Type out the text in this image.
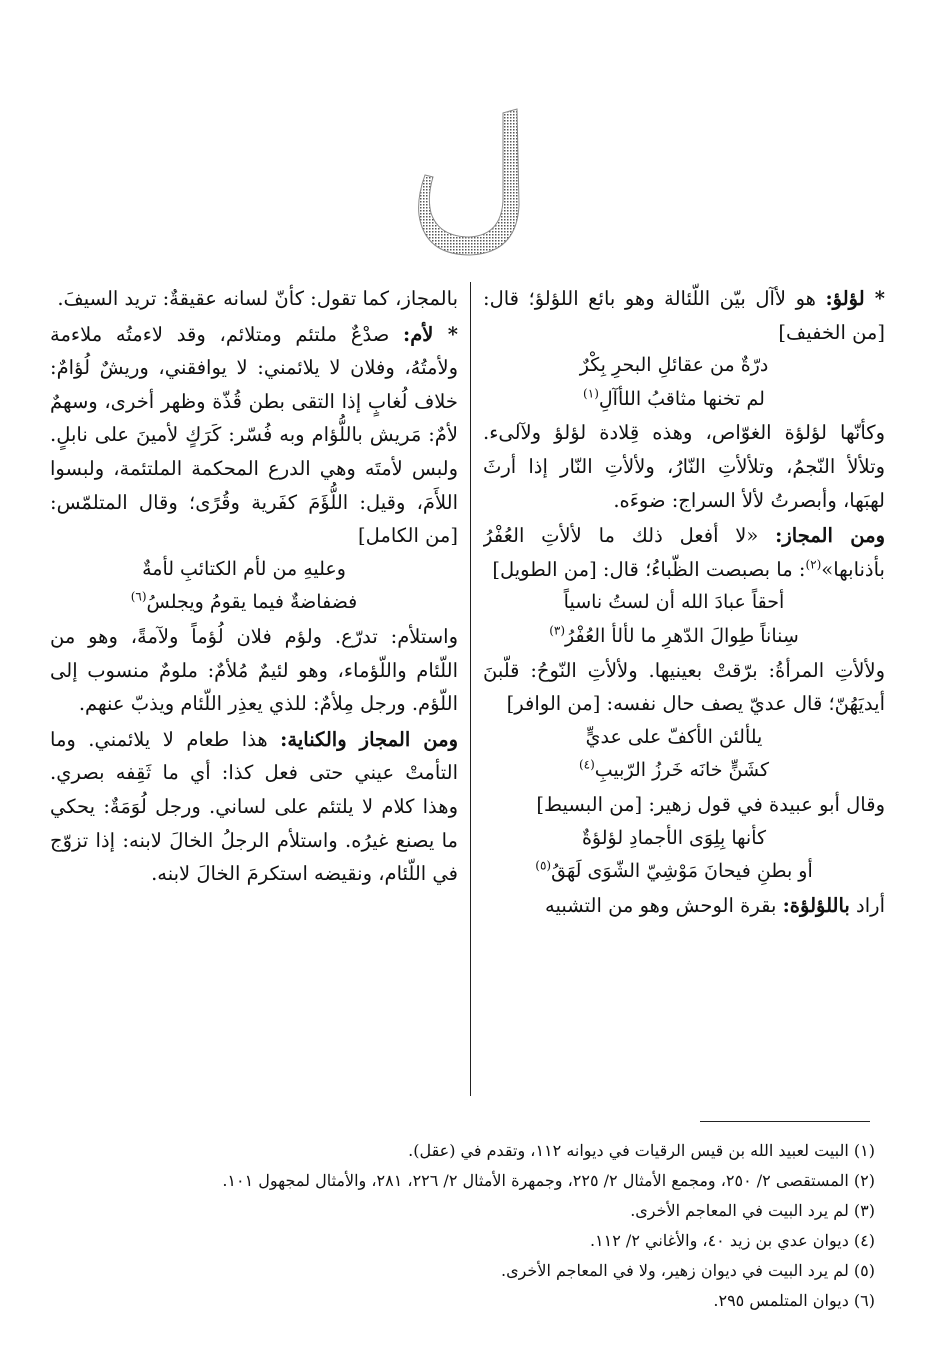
* لؤلؤ: هو لأآل بيّن اللّئالة وهو بائع اللؤلؤ؛ قال: [من الخفيف]

درّةٌ من عقائلِ البحرِ بِكْرٌ
لم تخنها مثاقبُ اللأآلِ$^{(١)}$

وكأنّها لؤلؤة الغوّاص، وهذه قِلادة لؤلؤ ولآلىء. وتلألأ النّجمُ، وتلألأتِ النّارُ، ولألأتِ النّار إذا أرثَ لهبَها، وأبصرتُ لألأ السراج: ضوءَه.

ومن المجاز: «لا أفعل ذلك ما لألأتِ العُفْرُ بأذنابها»$^{(٢)}$: ما بصبصت الظّباءُ؛ قال: [من الطويل]

أحقاً عبادَ الله أن لستُ ناسياً
سِناناً طِوالَ الدّهرِ ما لألأ العُفْرُ$^{(٣)}$

ولألأتِ المرأةُ: برّقتْ بعينيها. ولألأتِ النّوحُ: قلّبنَ أيديَهُنّ؛ قال عديّ يصف حال نفسه: [من الوافر]

يلألئن الأكفّ على عديٍّ
كشَنٍّ خانَه خَرزُ الرّبيبِ$^{(٤)}$

وقال أبو عبيدة في قول زهير: [من البسيط]

كأنها بِلِوَى الأجمادِ لؤلؤةٌ
أو بطنِ فيحانَ مَوْشِيّ الشّوَى لَهَقُ$^{(٥)}$

أراد باللؤلؤة: بقرة الوحش وهو من التشبيه

بالمجاز، كما تقول: كأنّ لسانه عقيقةٌ: تريد السيفَ.

* لأم: صدْعٌ ملتئم ومتلائم، وقد لاءمتُه ملاءمة ولأمتُهُ، وفلان لا يلائمني: لا يوافقني، وريشٌ لُؤامٌ: خلاف لُغابٍ إذا التقى بطن قُذّة وظهر أخرى، وسهمٌ لأمٌ: مَريش باللُّؤام وبه فُسّر: كَرَكٍ لأمينَ على نابلٍ. ولبس لأمتَه وهي الدرع المحكمة الملتئمة، ولبسوا اللأَمَ، وقيل: اللُّؤَمَ كفَرية وقُرًى؛ وقال المتلمّس: [من الكامل]

وعليهِ من لأم الكتائبِ لأمةٌ
فضفاضةٌ فيما يقومُ ويجلسُ$^{(٦)}$

واستلأم: تدرّع. ولؤم فلان لُؤماً ولآمةً، وهو من اللّئام واللّؤماء، وهو لئيمٌ مُلأمٌ: ملومٌ منسوب إلى اللّؤم. ورجل مِلأمٌ: للذي يعذِر اللّئام ويذبّ عنهم.

ومن المجاز والكناية: هذا طعام لا يلائمني. وما التأمتْ عيني حتى فعل كذا: أي ما ثَقِفه بصري. وهذا كلام لا يلتئم على لساني. ورجل لُوَمَةٌ: يحكي ما يصنع غيرُه. واستلأم الرجلُ الخالَ لابنه: إذا تزوّج في اللّئام، ونقيضه استكرمَ الخالَ لابنه.

(١) البيت لعبيد الله بن قيس الرقيات في ديوانه ١١٢، وتقدم في (عقل).
(٢) المستقصى ٢/ ٢٥٠، ومجمع الأمثال ٢/ ٢٢٥، وجمهرة الأمثال ٢/ ٢٢٦، ٢٨١، والأمثال لمجهول ١٠١.
(٣) لم يرد البيت في المعاجم الأخرى.
(٤) ديوان عدي بن زيد ٤٠، والأغاني ٢/ ١١٢.
(٥) لم يرد البيت في ديوان زهير، ولا في المعاجم الأخرى.
(٦) ديوان المتلمس ٢٩٥.
